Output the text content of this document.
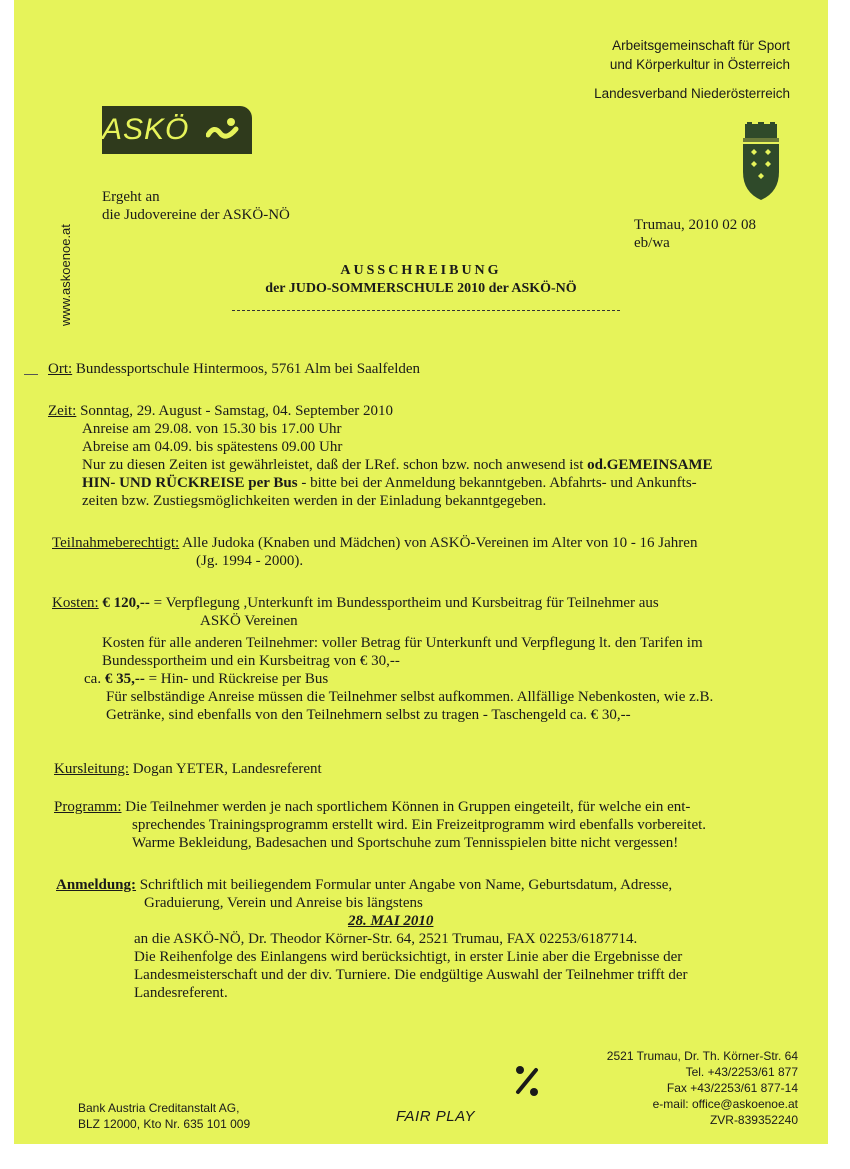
Arbeitsgemeinschaft für Sport
und Körperkultur in Österreich
Landesverband Niederösterreich
ASKÖ
www.askoenoe.at
Ergeht an
die Judovereine der ASKÖ-NÖ
Trumau, 2010 02 08
eb/wa
AUSSCHREIBUNG
der JUDO-SOMMERSCHULE 2010 der ASKÖ-NÖ
Ort: Bundessportschule Hintermoos, 5761 Alm bei Saalfelden
Zeit: Sonntag, 29. August - Samstag, 04. September 2010
Anreise am 29.08. von 15.30 bis 17.00 Uhr
Abreise am 04.09. bis spätestens 09.00 Uhr
Nur zu diesen Zeiten ist gewährleistet, daß der LRef. schon bzw. noch anwesend ist od.GEMEINSAME
HIN- UND RÜCKREISE per Bus - bitte bei der Anmeldung bekanntgeben. Abfahrts- und Ankunfts-
zeiten bzw. Zustiegsmöglichkeiten werden in der Einladung bekanntgegeben.
Teilnahmeberechtigt: Alle Judoka (Knaben und Mädchen) von ASKÖ-Vereinen im Alter von 10 - 16 Jahren
(Jg. 1994 - 2000).
Kosten: € 120,-- = Verpflegung ,Unterkunft im Bundessportheim und Kursbeitrag für Teilnehmer aus
ASKÖ Vereinen
Kosten für alle anderen Teilnehmer: voller Betrag für Unterkunft und Verpflegung lt. den Tarifen im
Bundessportheim und ein Kursbeitrag von € 30,--
ca. € 35,-- = Hin- und Rückreise per Bus
Für selbständige Anreise müssen die Teilnehmer selbst aufkommen. Allfällige Nebenkosten, wie z.B.
Getränke, sind ebenfalls von den Teilnehmern selbst zu tragen - Taschengeld ca. € 30,--
Kursleitung: Dogan YETER, Landesreferent
Programm: Die Teilnehmer werden je nach sportlichem Können in Gruppen eingeteilt, für welche ein ent-
sprechendes Trainingsprogramm erstellt wird. Ein Freizeitprogramm wird ebenfalls vorbereitet.
Warme Bekleidung, Badesachen und Sportschuhe zum Tennisspielen bitte nicht vergessen!
Anmeldung: Schriftlich mit beiliegendem Formular unter Angabe von Name, Geburtsdatum, Adresse,
Graduierung, Verein und Anreise bis längstens
28. MAI 2010
an die ASKÖ-NÖ, Dr. Theodor Körner-Str. 64, 2521 Trumau, FAX 02253/6187714.
Die Reihenfolge des Einlangens wird berücksichtigt, in erster Linie aber die Ergebnisse der
Landesmeisterschaft und der div. Turniere. Die endgültige Auswahl der Teilnehmer trifft der
Landesreferent.
Bank Austria Creditanstalt AG,
BLZ 12000, Kto Nr. 635 101 009	FAIR PLAY
2521 Trumau, Dr. Th. Körner-Str. 64
Tel. +43/2253/61 877
Fax +43/2253/61 877-14
e-mail: office@askoenoe.at
ZVR-839352240
